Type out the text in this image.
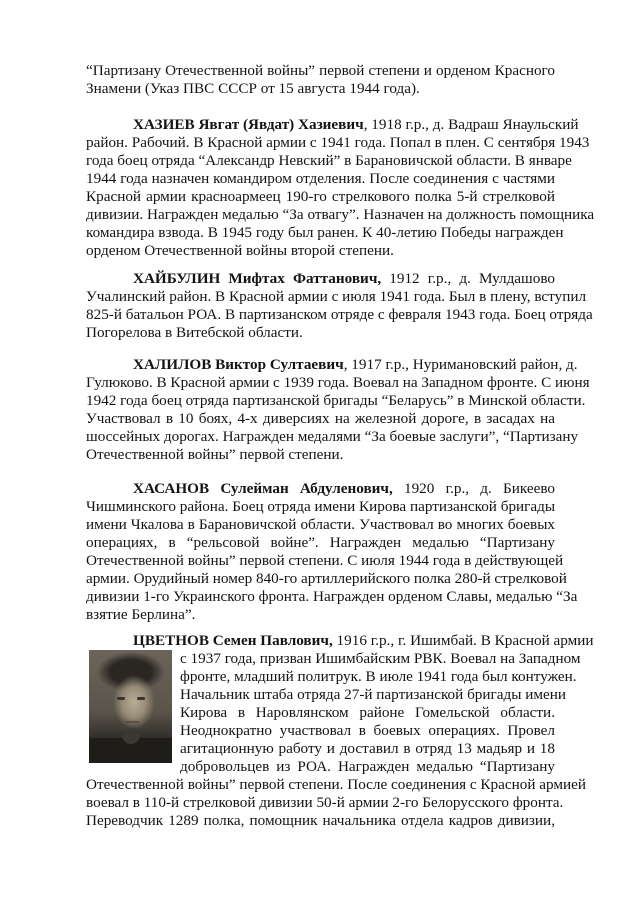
“Партизану Отечественной войны” первой степени и орденом Красного
Знамени (Указ ПВС СССР от 15 августа 1944 года).
ХАЗИЕВ Явгат (Явдат) Хазиевич, 1918 г.р., д. Вадраш Янаульский
район. Рабочий. В Красной армии с 1941 года. Попал в плен. С сентября 1943
года боец отряда “Александр Невский” в Барановичской области. В январе
1944 года назначен командиром отделения. После соединения с частями
Красной армии красноармеец 190-го стрелкового полка 5-й стрелковой
дивизии. Награжден медалью “За отвагу”. Назначен на должность помощника
командира взвода. В 1945 году был ранен. К 40-летию Победы награжден
орденом Отечественной войны второй степени.
ХАЙБУЛИН Мифтах Фаттанович, 1912 г.р., д. Мулдашово
Учалинский район. В Красной армии с июля 1941 года. Был в плену, вступил
825-й батальон РОА. В партизанском отряде с февраля 1943 года. Боец отряда
Погорелова в Витебской области.
ХАЛИЛОВ Виктор Султаевич, 1917 г.р., Нуримановский район, д.
Гулюково. В Красной армии с 1939 года. Воевал на Западном фронте. С июня
1942 года боец отряда партизанской бригады “Беларусь” в Минской области.
Участвовал в 10 боях, 4-х диверсиях на железной дороге, в засадах на
шоссейных дорогах. Награжден медалями “За боевые заслуги”, “Партизану
Отечественной войны” первой степени.
ХАСАНОВ Сулейман Абдуленович, 1920 г.р., д. Бикеево
Чишминского района. Боец отряда имени Кирова партизанской бригады
имени Чкалова в Барановичской области. Участвовал во многих боевых
операциях, в “рельсовой войне”. Награжден медалью “Партизану
Отечественной войны” первой степени. С июля 1944 года в действующей
армии. Орудийный номер 840-го артиллерийского полка 280-й стрелковой
дивизии 1-го Украинского фронта. Награжден орденом Славы, медалью “За
взятие Берлина”.
ЦВЕТНОВ Семен Павлович, 1916 г.р., г. Ишимбай. В Красной армии
с 1937 года, призван Ишимбайским РВК. Воевал на Западном
фронте, младший политрук. В июле 1941 года был контужен.
Начальник штаба отряда 27-й партизанской бригады имени
Кирова в Наровлянском районе Гомельской области.
Неоднократно участвовал в боевых операциях. Провел
агитационную работу и доставил в отряд 13 мадьяр и 18
добровольцев из РОА. Награжден медалью “Партизану
Отечественной войны” первой степени. После соединения с Красной армией
воевал в 110-й стрелковой дивизии 50-й армии 2-го Белорусского фронта.
Переводчик 1289 полка, помощник начальника отдела кадров дивизии,
